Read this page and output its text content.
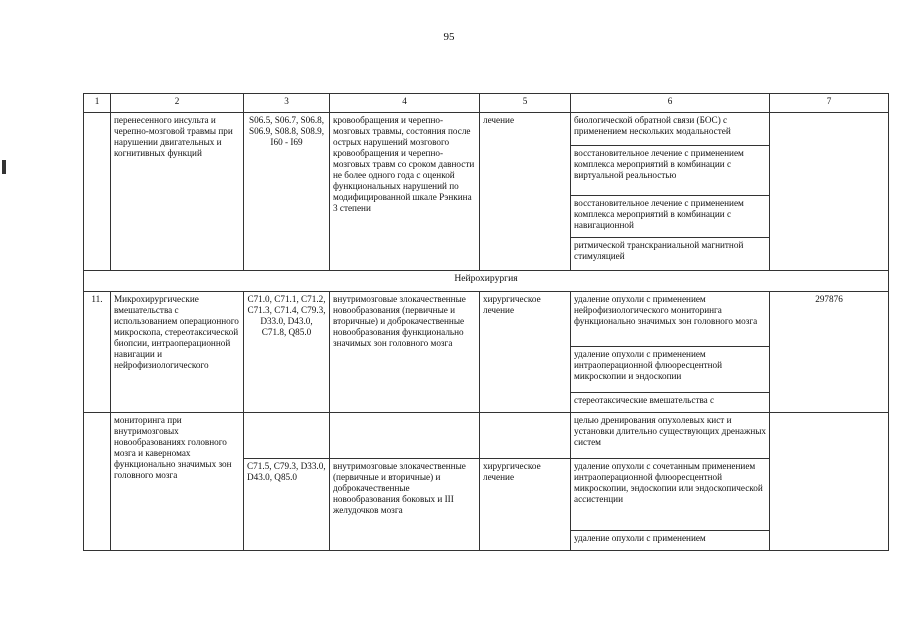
95
1	2	3	4	5	6	7
	перенесенного инсульта и черепно-мозговой травмы при нарушении двигательных и когнитивных функций	S06.5, S06.7, S06.8, S06.9, S08.8, S08.9, I60 - I69	кровообращения и черепно-мозговых травмы, состояния после острых нарушений мозгового кровообращения и черепно-мозговых травм со сроком давности не более одного года с оценкой функциональных нарушений по модифицированной шкале Рэнкина 3 степени	лечение	биологической обратной связи (БОС) с применением нескольких модальностей	
					восстановительное лечение с применением комплекса мероприятий в комбинации с виртуальной реальностью	
					восстановительное лечение с применением комплекса мероприятий в комбинации с навигационной	
					ритмической транскраниальной магнитной стимуляцией	
Нейрохирургия						
11.	Микрохирургические вмешательства с использованием операционного микроскопа, стереотаксической биопсии, интраоперационной навигации и нейрофизиологического	C71.0, C71.1, C71.2, C71.3, C71.4, C79.3, D33.0, D43.0, C71.8, Q85.0	внутримозговые злокачественные новообразования (первичные и вторичные) и доброкачественные новообразования функционально значимых зон головного мозга	хирургическое лечение	удаление опухоли с применением нейрофизиологического мониторинга функционально значимых зон головного мозга	297876
					удаление опухоли с применением интраоперационной флюоресцентной микроскопии и эндоскопии	
					стереотаксические вмешательства с	

	мониторинга при внутримозговых новообразованиях головного мозга и каверномах функционально значимых зон головного мозга				целью дренирования опухолевых кист и установки длительно существующих дренажных систем	
		C71.5, C79.3, D33.0, D43.0, Q85.0	внутримозговые злокачественные (первичные и вторичные) и доброкачественные новообразования боковых и III желудочков мозга	хирургическое лечение	удаление опухоли с сочетанным применением интраоперационной флюоресцентной микроскопии, эндоскопии или эндоскопической ассистенции	
					удаление опухоли с применением	
